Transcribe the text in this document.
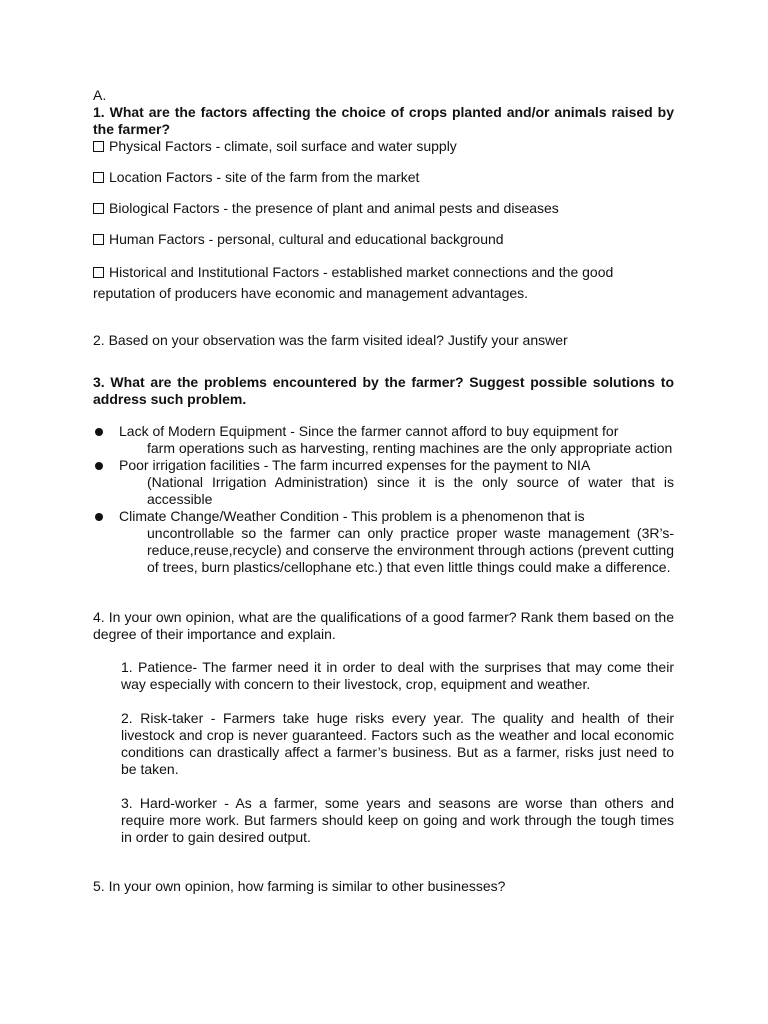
A.

1. What are the factors affecting the choice of crops planted and/or animals raised by the farmer?

Physical Factors - climate, soil surface and water supply

Location Factors - site of the farm from the market

Biological Factors - the presence of plant and animal pests and diseases

Human Factors - personal, cultural and educational background

Historical and Institutional Factors - established market connections and the good reputation of producers have economic and management advantages.

2. Based on your observation was the farm visited ideal? Justify your answer

3. What are the problems encountered by the farmer? Suggest possible solutions to address such problem.

Lack of Modern Equipment - Since the farmer cannot afford to buy equipment for
farm operations such as harvesting, renting machines are the only appropriate action
Poor irrigation facilities - The farm incurred expenses for the payment to NIA
(National Irrigation Administration) since it is the only source of water that is accessible
Climate Change/Weather Condition - This problem is a phenomenon that is
uncontrollable so the farmer can only practice proper waste management (3R’s-reduce,reuse,recycle) and conserve the environment through actions (prevent cutting of trees, burn plastics/cellophane etc.) that even little things could make a difference.

4. In your own opinion, what are the qualifications of a good farmer? Rank them based on the degree of their importance and explain.

1. Patience- The farmer need it in order to deal with the surprises that may come their way especially with concern to their livestock, crop, equipment and weather.

2. Risk-taker - Farmers take huge risks every year. The quality and health of their livestock and crop is never guaranteed. Factors such as the weather and local economic conditions can drastically affect a farmer’s business. But as a farmer, risks just need to be taken.

3. Hard-worker - As a farmer, some years and seasons are worse than others and require more work. But farmers should keep on going and work through the tough times in order to gain desired output.

5. In your own opinion, how farming is similar to other businesses?
